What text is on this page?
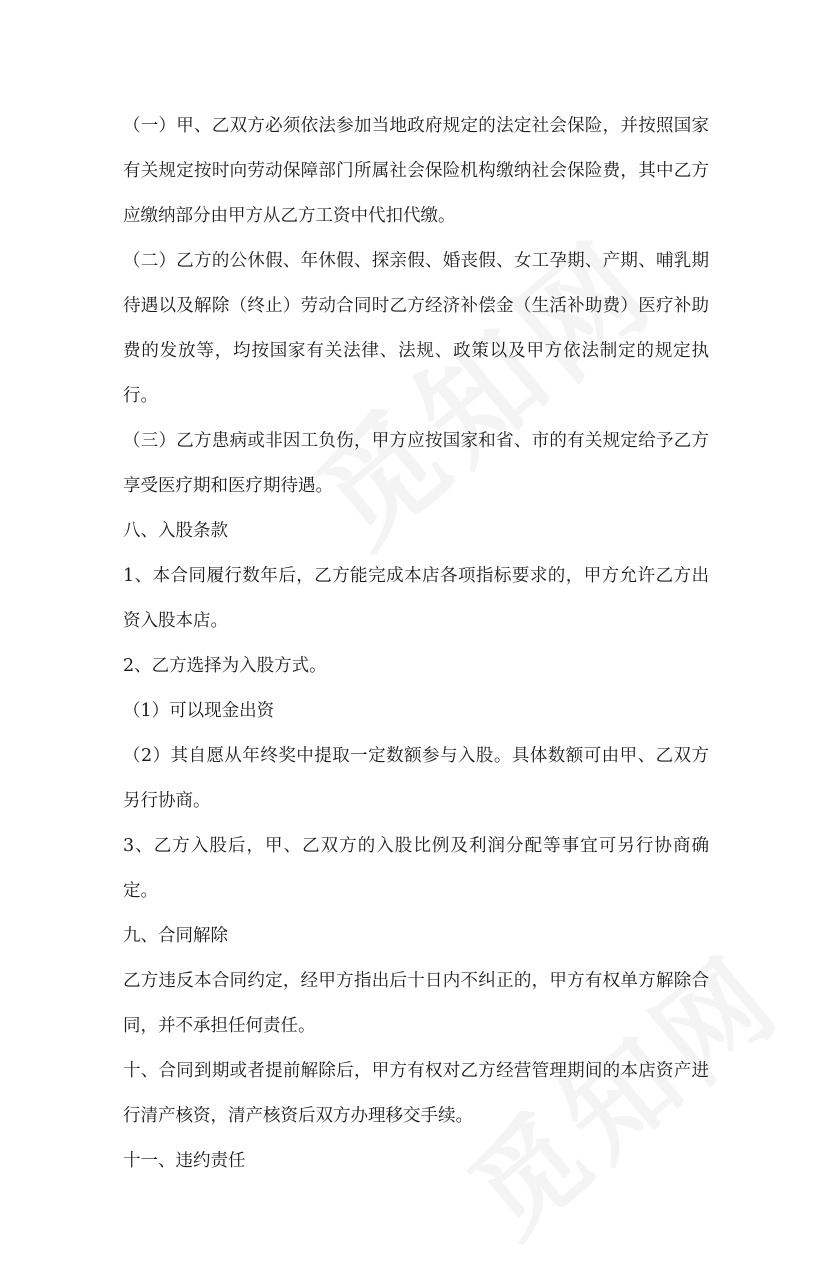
（一）甲、乙双方必须依法参加当地政府规定的法定社会保险，并按照国家有关规定按时向劳动保障部门所属社会保险机构缴纳社会保险费，其中乙方应缴纳部分由甲方从乙方工资中代扣代缴。

（二）乙方的公休假、年休假、探亲假、婚丧假、女工孕期、产期、哺乳期待遇以及解除（终止）劳动合同时乙方经济补偿金（生活补助费）医疗补助费的发放等，均按国家有关法律、法规、政策以及甲方依法制定的规定执行。

（三）乙方患病或非因工负伤，甲方应按国家和省、市的有关规定给予乙方享受医疗期和医疗期待遇。

八、入股条款

1、本合同履行数年后，乙方能完成本店各项指标要求的，甲方允许乙方出资入股本店。

2、乙方选择为入股方式。

（1）可以现金出资

（2）其自愿从年终奖中提取一定数额参与入股。具体数额可由甲、乙双方另行协商。

3、乙方入股后，甲、乙双方的入股比例及利润分配等事宜可另行协商确定。

九、合同解除

乙方违反本合同约定，经甲方指出后十日内不纠正的，甲方有权单方解除合同，并不承担任何责任。

十、合同到期或者提前解除后，甲方有权对乙方经营管理期间的本店资产进行清产核资，清产核资后双方办理移交手续。

十一、违约责任
